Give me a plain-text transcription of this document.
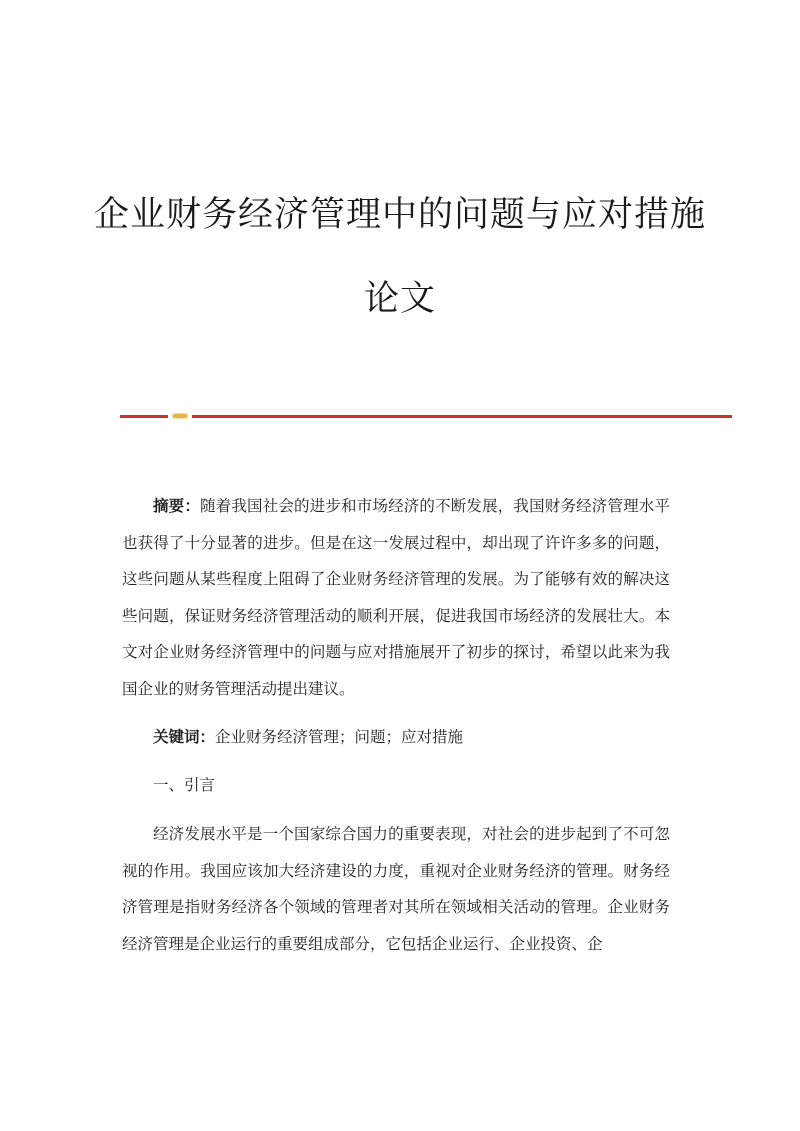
企业财务经济管理中的问题与应对措施
论文

摘要：随着我国社会的进步和市场经济的不断发展，我国财务经济管理水平也获得了十分显著的进步。但是在这一发展过程中，却出现了许许多多的问题，这些问题从某些程度上阻碍了企业财务经济管理的发展。为了能够有效的解决这些问题，保证财务经济管理活动的顺利开展，促进我国市场经济的发展壮大。本文对企业财务经济管理中的问题与应对措施展开了初步的探讨，希望以此来为我国企业的财务管理活动提出建议。

关键词：企业财务经济管理；问题；应对措施

一、引言

经济发展水平是一个国家综合国力的重要表现，对社会的进步起到了不可忽视的作用。我国应该加大经济建设的力度，重视对企业财务经济的管理。财务经济管理是指财务经济各个领域的管理者对其所在领域相关活动的管理。企业财务经济管理是企业运行的重要组成部分，它包括企业运行、企业投资、企
